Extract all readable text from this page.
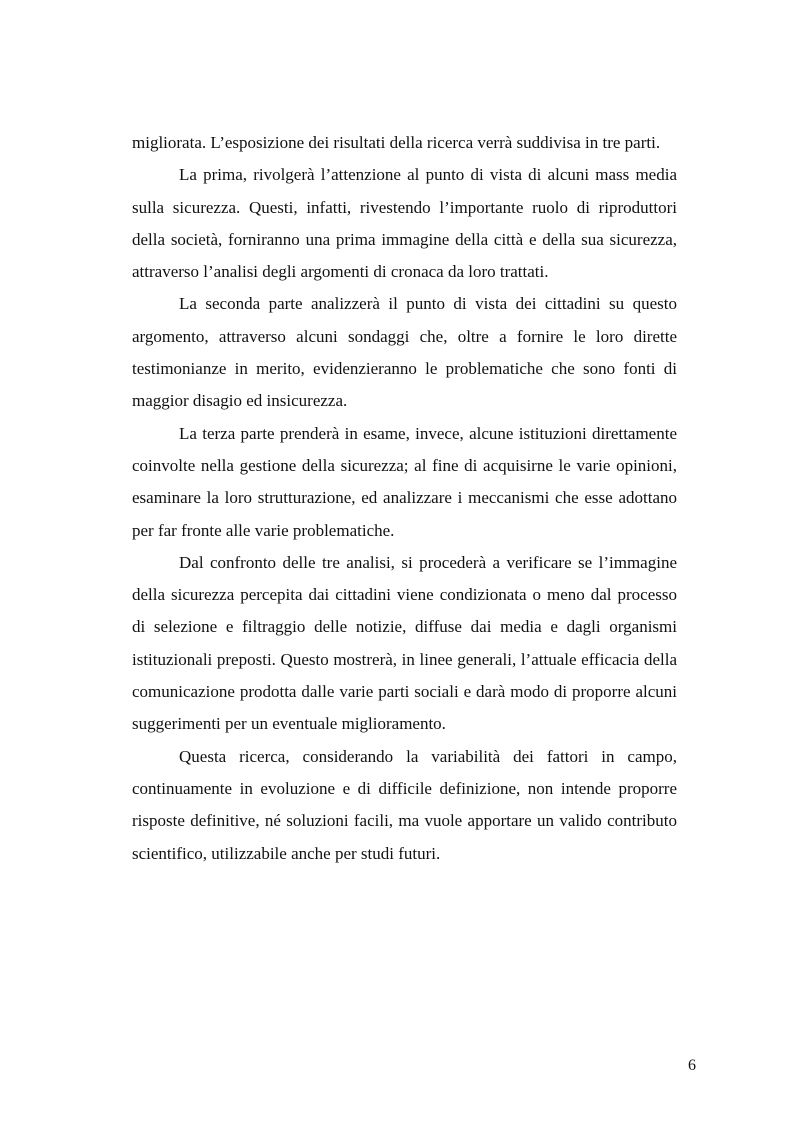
migliorata. L’esposizione dei risultati della ricerca verrà suddivisa in tre parti.

La prima, rivolgerà l’attenzione al punto di vista di alcuni mass media sulla sicurezza. Questi, infatti, rivestendo l’importante ruolo di riproduttori della società, forniranno una prima immagine della città e della sua sicurezza, attraverso l’analisi degli argomenti di cronaca da loro trattati.

La seconda parte analizzerà il punto di vista dei cittadini su questo argomento, attraverso alcuni sondaggi che, oltre a fornire le loro dirette testimonianze in merito, evidenzieranno le problematiche che sono fonti di maggior disagio ed insicurezza.

La terza parte prenderà in esame, invece, alcune istituzioni direttamente coinvolte nella gestione della sicurezza; al fine di acquisirne le varie opinioni, esaminare la loro strutturazione, ed analizzare i meccanismi che esse adottano per far fronte alle varie problematiche.

Dal confronto delle tre analisi, si procederà a verificare se l’immagine della sicurezza percepita dai cittadini viene condizionata o meno dal processo di selezione e filtraggio delle notizie, diffuse dai media e dagli organismi istituzionali preposti. Questo mostrerà, in linee generali, l’attuale efficacia della comunicazione prodotta dalle varie parti sociali e darà modo di proporre alcuni suggerimenti per un eventuale miglioramento.

Questa ricerca, considerando la variabilità dei fattori in campo, continuamente in evoluzione e di difficile definizione, non intende proporre risposte definitive, né soluzioni facili, ma vuole apportare un valido contributo scientifico, utilizzabile anche per studi futuri.

6
